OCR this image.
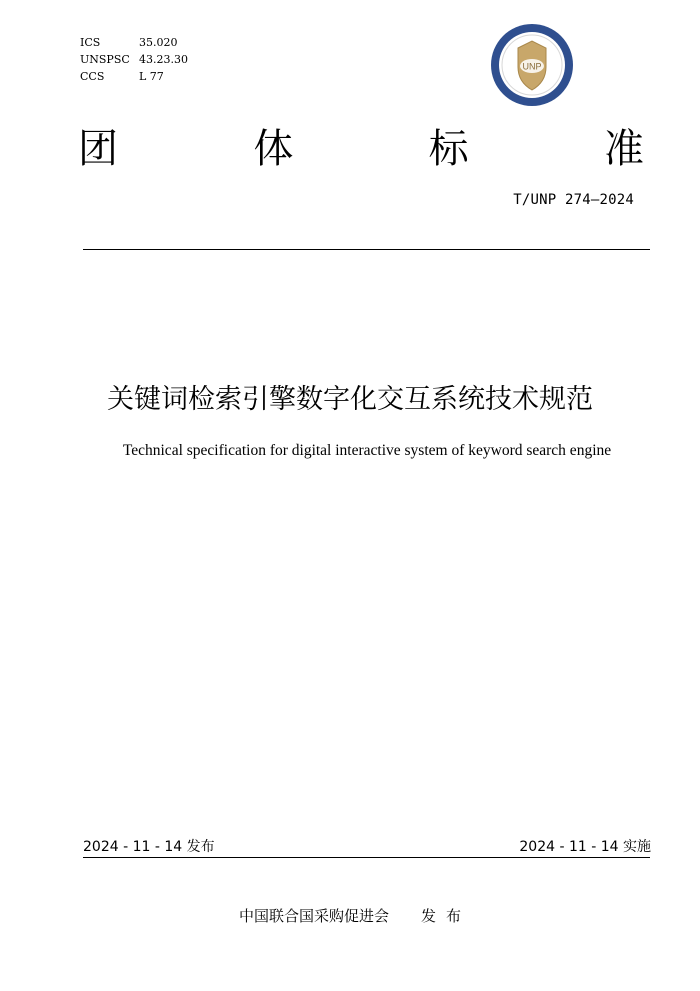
ICS	35.020
UNSPSC 43.23.30
CCS	L 77
UNP
团	体	标	准
T/UNP 274—2024
关键词检索引擎数字化交互系统技术规范
Technical specification for digital interactive system of keyword search engine
2024 - 11 - 14 发布	2024 - 11 - 14 实施
中国联合国采购促进会 发布
